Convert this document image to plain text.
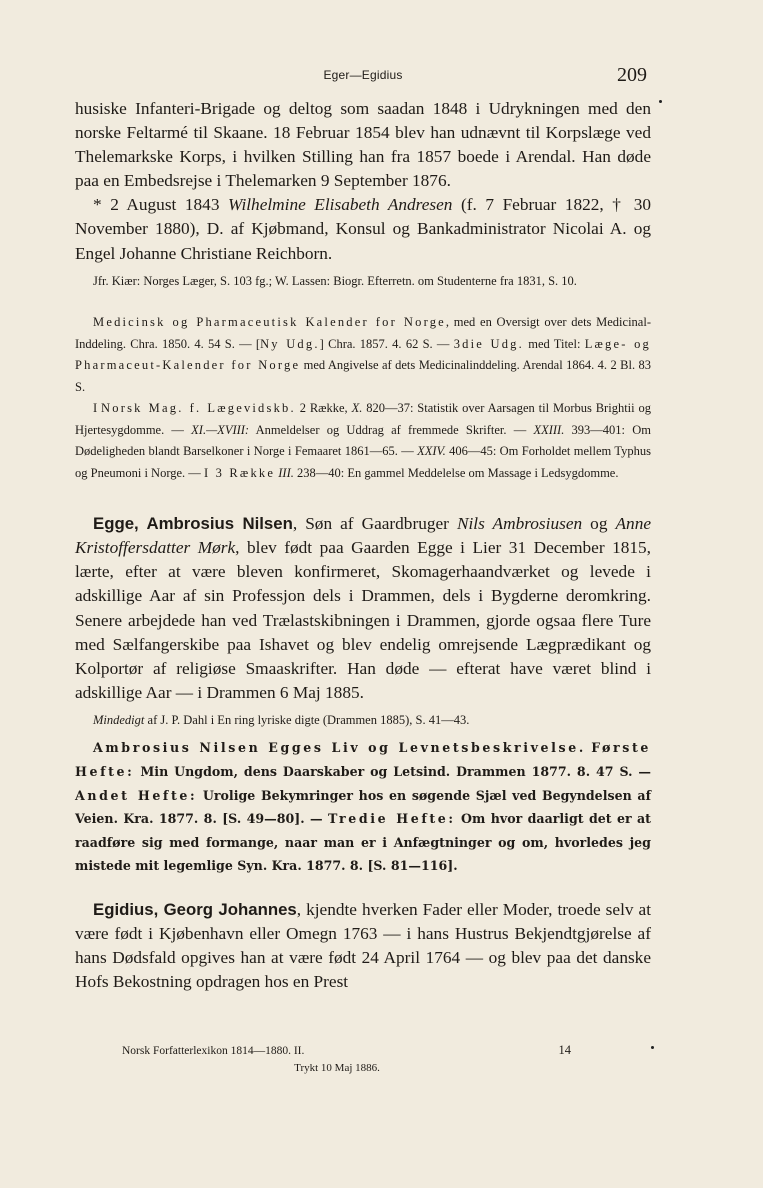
Eger—Egidius	209

husiske Infanteri-Brigade og deltog som saadan 1848 i Udrykningen med den norske Feltarmé til Skaane. 18 Februar 1854 blev han udnævnt til Korpslæge ved Thelemarkske Korps, i hvilken Stilling han fra 1857 boede i Arendal. Han døde paa en Embedsrejse i Thelemarken 9 September 1876.

* 2 August 1843 Wilhelmine Elisabeth Andresen (f. 7 Februar 1822, † 30 November 1880), D. af Kjøbmand, Konsul og Bankadministrator Nicolai A. og Engel Johanne Christiane Reichborn.

Jfr. Kiær: Norges Læger, S. 103 fg.; W. Lassen: Biogr. Efterretn. om Studenterne fra 1831, S. 10.

Medicinsk og Pharmaceutisk Kalender for Norge, med en Oversigt over dets Medicinal-Inddeling. Chra. 1850. 4. 54 S. — [Ny Udg.] Chra. 1857. 4. 62 S. — 3die Udg. med Titel: Læge- og Pharmaceut-Kalender for Norge med Angivelse af dets Medicinalinddeling. Arendal 1864. 4. 2 Bl. 83 S.

I Norsk Mag. f. Lægevidskb. 2 Række, X. 820—37: Statistik over Aarsagen til Morbus Brightii og Hjertesygdomme. — XI.—XVIII: Anmeldelser og Uddrag af fremmede Skrifter. — XXIII. 393—401: Om Dødeligheden blandt Barselkoner i Norge i Femaaret 1861—65. — XXIV. 406—45: Om Forholdet mellem Typhus og Pneumoni i Norge. — I 3 Række III. 238—40: En gammel Meddelelse om Massage i Ledsygdomme.

Egge, Ambrosius Nilsen, Søn af Gaardbruger Nils Ambrosiusen og Anne Kristoffersdatter Mørk, blev født paa Gaarden Egge i Lier 31 December 1815, lærte, efter at være bleven konfirmeret, Skomagerhaandværket og levede i adskillige Aar af sin Professjon dels i Drammen, dels i Bygderne deromkring. Senere arbejdede han ved Trælastskibningen i Drammen, gjorde ogsaa flere Ture med Sælfangerskibe paa Ishavet og blev endelig omrejsende Lægprædikant og Kolportør af religiøse Smaaskrifter. Han døde — efterat have været blind i adskillige Aar — i Drammen 6 Maj 1885.

Mindedigt af J. P. Dahl i En ring lyriske digte (Drammen 1885), S. 41—43.

Ambrosius Nilsen Egges Liv og Levnetsbeskrivelse. Første Hefte: Min Ungdom, dens Daarskaber og Letsind. Drammen 1877. 8. 47 S. — Andet Hefte: Urolige Bekymringer hos en søgende Sjæl ved Begyndelsen af Veien. Kra. 1877. 8. [S. 49—80]. — Tredie Hefte: Om hvor daarligt det er at raadføre sig med formange, naar man er i Anfægtninger og om, hvorledes jeg mistede mit legemlige Syn. Kra. 1877. 8. [S. 81—116].

Egidius, Georg Johannes, kjendte hverken Fader eller Moder, troede selv at være født i Kjøbenhavn eller Omegn 1763 — i hans Hustrus Bekjendtgjørelse af hans Dødsfald opgives han at være født 24 April 1764 — og blev paa det danske Hofs Bekostning opdragen hos en Prest

Norsk Forfatterlexikon 1814—1880. II.	14
Trykt 10 Maj 1886.
